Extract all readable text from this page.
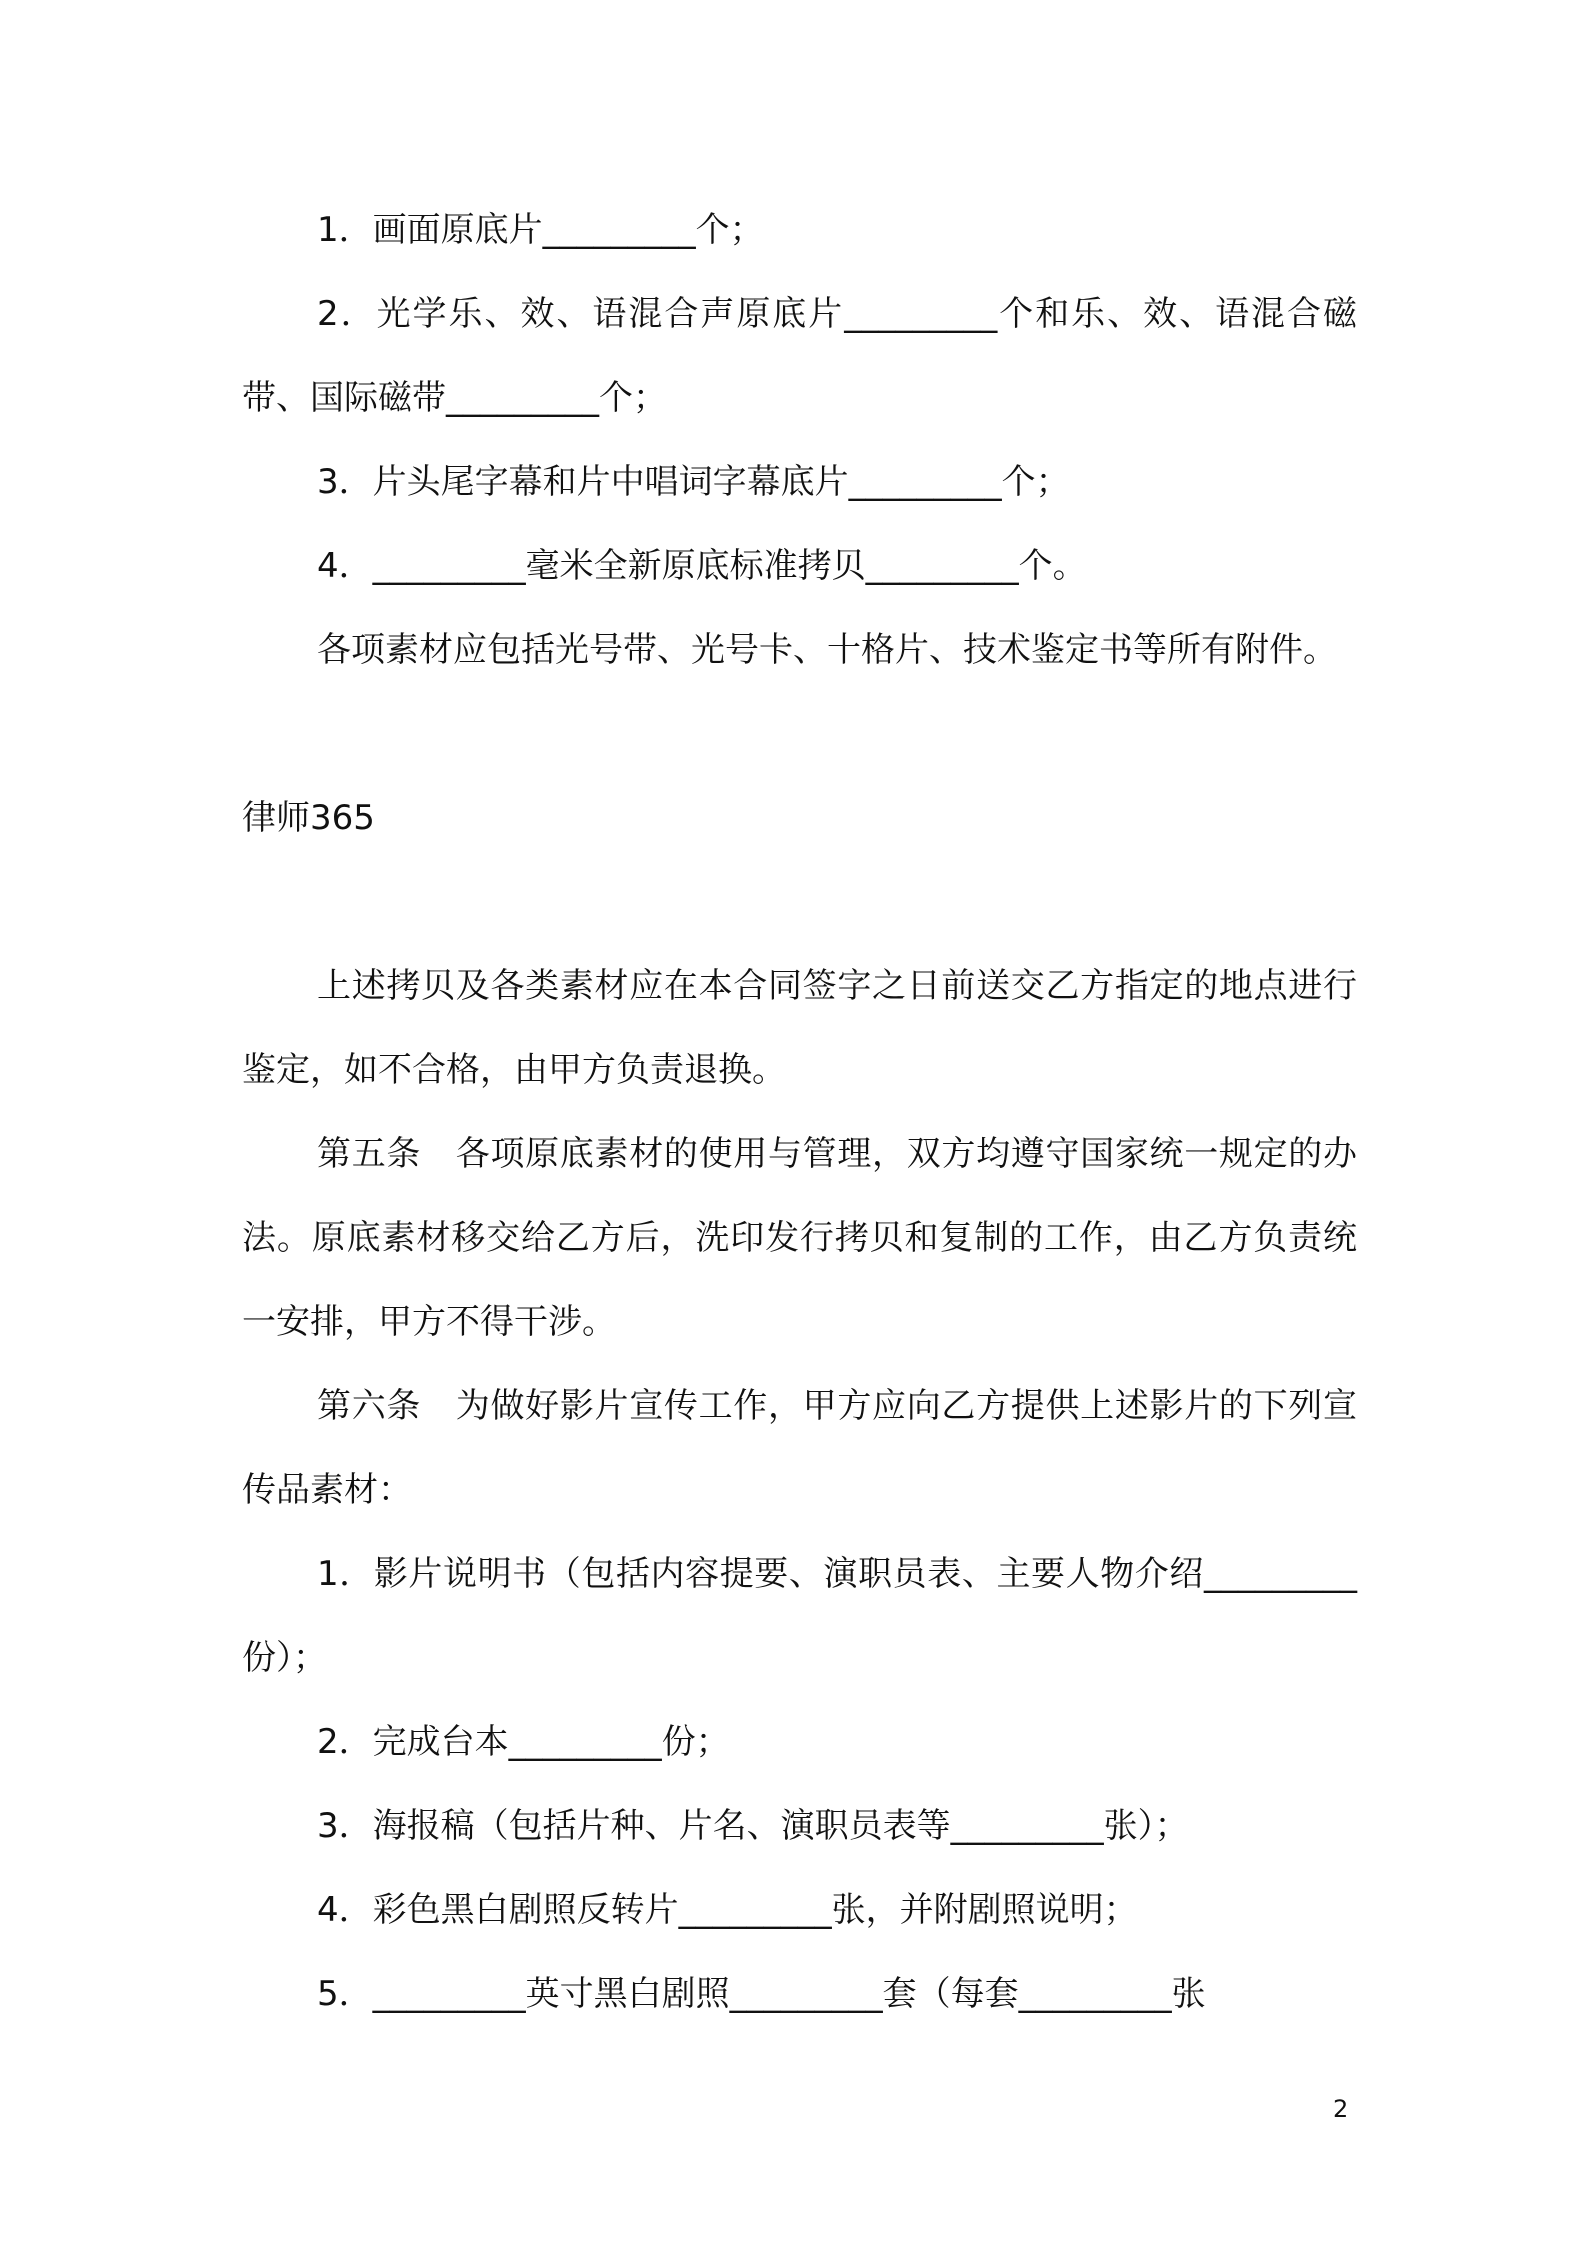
1．画面原底片_________个；

2．光学乐、效、语混合声原底片_________个和乐、效、语混合磁带、国际磁带_________个；

3．片头尾字幕和片中唱词字幕底片_________个；

4．_________毫米全新原底标准拷贝_________个。

各项素材应包括光号带、光号卡、十格片、技术鉴定书等所有附件。

律师365

上述拷贝及各类素材应在本合同签字之日前送交乙方指定的地点进行鉴定，如不合格，由甲方负责退换。

第五条　各项原底素材的使用与管理，双方均遵守国家统一规定的办法。原底素材移交给乙方后，洗印发行拷贝和复制的工作，由乙方负责统一安排，甲方不得干涉。

第六条　为做好影片宣传工作，甲方应向乙方提供上述影片的下列宣传品素材：

1．影片说明书（包括内容提要、演职员表、主要人物介绍_________份）；

2．完成台本_________份；

3．海报稿（包括片种、片名、演职员表等_________张）；

4．彩色黑白剧照反转片_________张，并附剧照说明；

5．_________英寸黑白剧照_________套（每套_________张

2
